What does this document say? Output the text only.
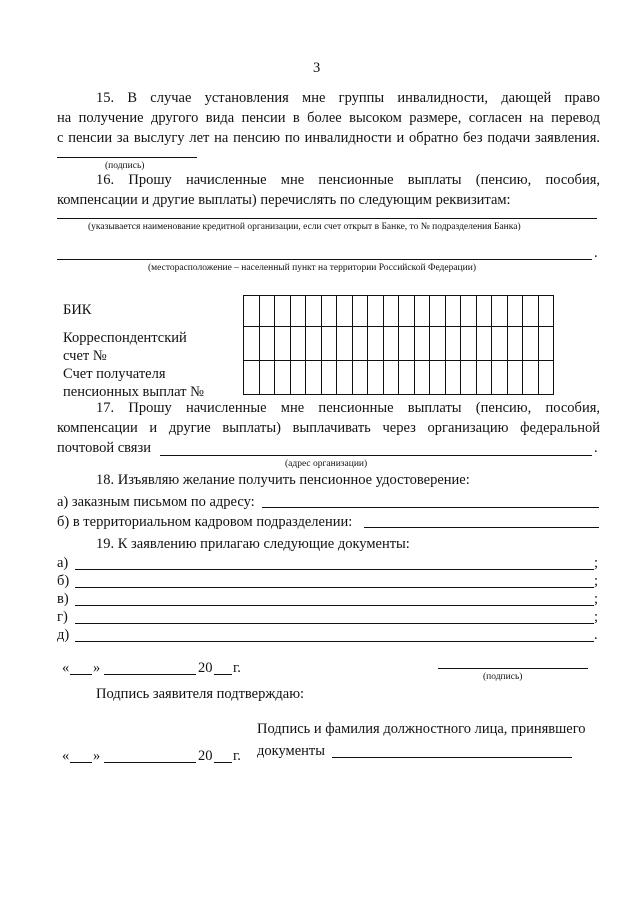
3
15. В случае установления мне группы инвалидности, дающей право
на получение другого вида пенсии в более высоком размере, согласен на перевод
с пенсии за выслугу лет на пенсию по инвалидности и обратно без подачи заявления.
(подпись)
16. Прошу начисленные мне пенсионные выплаты (пенсию, пособия,
компенсации и другие выплаты) перечислять по следующим реквизитам:
(указывается наименование кредитной организации, если счет открыт в Банке, то № подразделения Банка)
.
(месторасположение – населенный пункт на территории Российской Федерации)
БИК
Корреспондентский
счет №
Счет получателя
пенсионных выплат №

17. Прошу начисленные мне пенсионные выплаты (пенсию, пособия,
компенсации и другие выплаты) выплачивать через организацию федеральной
почтовой связи	.
(адрес организации)
18. Изъявляю желание получить пенсионное удостоверение:
а) заказным письмом по адресу:
б) в территориальном кадровом подразделении:
19. К заявлению прилагаю следующие документы:
а)	;
б)	;
в)	;
г)	;
д)	.
« »	20 г.
(подпись)
Подпись заявителя подтверждаю:
Подпись и фамилия должностного лица, принявшего
документы
« »	20 г.
